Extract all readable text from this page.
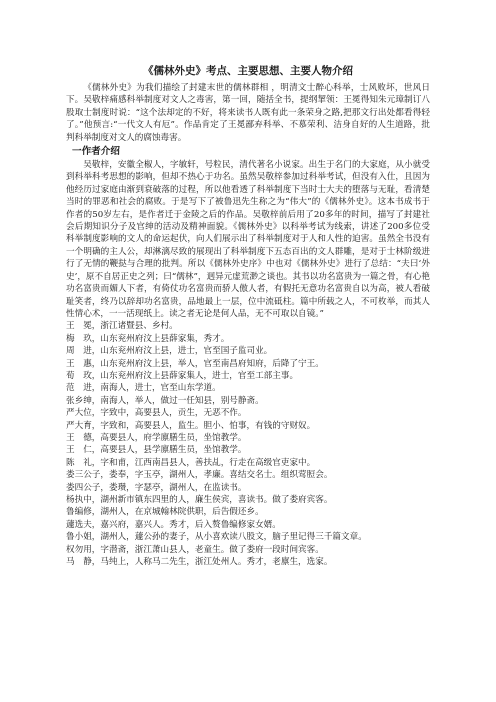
《儒林外史》考点、主要思想、主要人物介绍

《儒林外史》为我们描绘了封建末世的儒林群相 ，明清文士醉心科举，士风败坏，世风日下。吴敬梓痛感科举制度对文人之毒害，第一回，随括全书，提纲挈领：王冕得知朱元璋制订八股取士制度时说：“这个法却定的不好，将来读书人既有此一条荣身之路,把那文行出处都看得轻了。”他预言:“一代文人有厄”。作品肯定了王冕鄙弃科举、不慕荣利、洁身自好的人生道路，批判科举制度对文人的腐蚀毒害。

一作者介绍

吴敬梓，安徽全椒人，字敏轩，号粒民，清代著名小说家。出生于名门的大家庭，从小就受到科举科考思想的影响，但却不热心于功名。虽然吴敬梓参加过科举考试，但没有入仕，且因为他经历过家庭由渐到衰破落的过程，所以他看透了科举制度下当时士大夫的堕落与无耻，看清楚当时的罪恶和社会的腐败。于是写下了被鲁迅先生称之为“伟大”的《儒林外史》。这本书成书于作者的50岁左右，是作者迁于金陵之后的作品。吴敬梓前后用了20多年的时间，描写了封建社会后期知识分子及官绅的活动及精神面貌。《儒林外史》以科举考试为线索，讲述了200多位受科举制度影响的文人的命运起伏，向人们展示出了科举制度对于人和人性的迫害。虽然全书没有一个明确的主人公，却淋漓尽致的展现出了科举制度下五态百出的文人群雕，是对于士林阶级进行了无情的鞭挞与合理的批判。所以《儒林外史序》中也对《儒林外史》进行了总结：“夫曰‘外史’，原不自居正史之列；曰“儒林”，迥异元虚荒渺之谈也。其书以功名富贵为一篇之骨，有心艳功名富贵而媚人下者，有倚仗功名富贵而骄人傲人者，有假托无意功名富贵自以为高，被人看破耻笑者，终乃以辞却功名富贵，品地最上一层，位中流砥柱。篇中所载之人，不可枚举，而其人性情心术，一一活现纸上。读之者无论是何人品，无不可取以自镜。”

王　冕，浙江诸暨县、乡村。
梅　玖，山东兖州府汶上县薛家集，秀才。
周　进，山东兖州府汶上县，进士，官至国子监司业。
王　惠，山东兖州府汶上县，举人，官至南昌府知府，后降了宁王。
荀　玫，山东兖州府汶上县薛家集人，进士，官至工部主事。
范　进，南海人，进士，官至山东学道。
张乡绅，南海人，举人，做过一任知县，别号静斋。
严大位，字致中，高要县人，贡生，无恶不作。
严大育，字致和，高要县人，监生。胆小、怕事，有钱的守财奴。
王　德，高要县人，府学廪膳生员，坐馆教学。
王　仁，高要县人，县学廪膳生员，坐馆教学。
陈　礼，字和甫，江西南昌县人，善扶乩，行走在高级官吏家中。
娄三公子，娄奉，字玉亭，湖州人，孝廉。喜结交名士。组织莺脰会。
娄四公子，娄瓒，字瑟亭，湖州人，在监读书。
杨执中，湖州新市镇东四里的人，廉生侯宾，喜读书。做了娄府宾客。
鲁编修，湖州人，在京城翰林院供职，后告假还乡。
蘧选夫，嘉兴府，嘉兴人。秀才，后入赘鲁编修家女婿。
鲁小姐，湖州人，蘧公孙的妻子，从小喜欢读八股文，脑子里记得三千篇文章。
权勿用，字潜斋，浙江萧山县人，老童生。做了娄府一段时间宾客。
马　静，马纯上，人称马二先生，浙江处州人。秀才，老廪生，选家。
